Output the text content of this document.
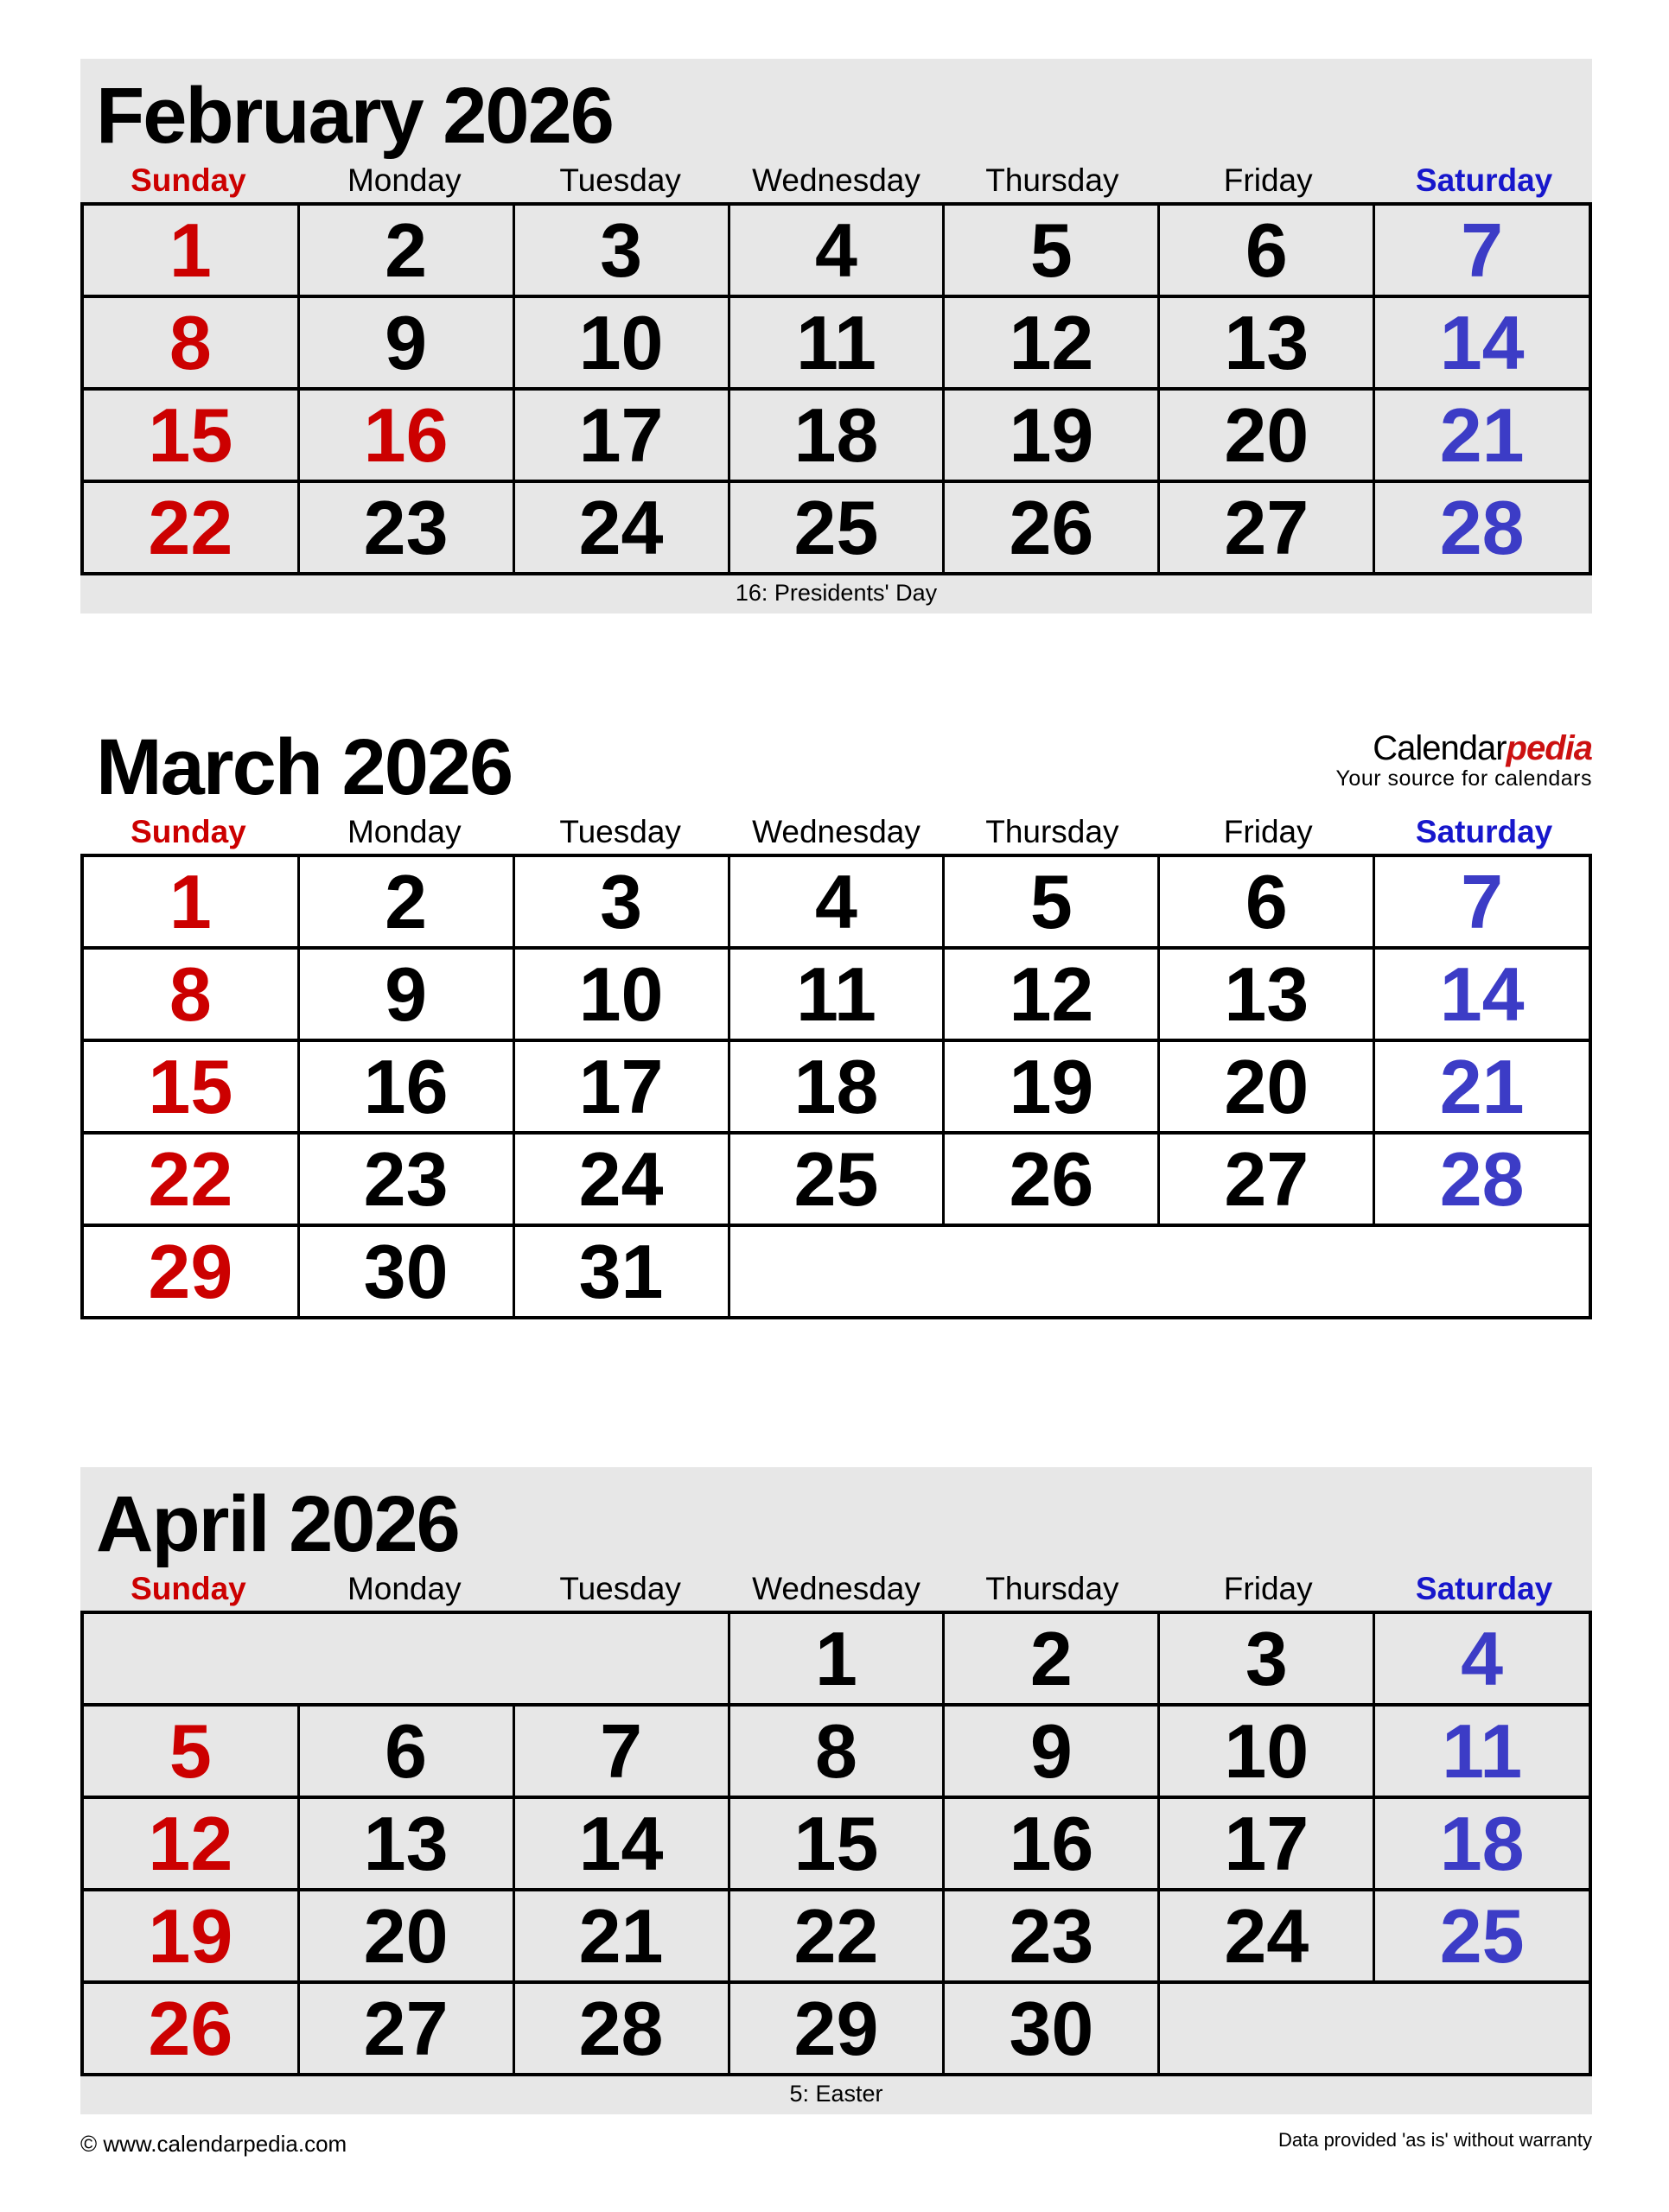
February 2026
Sunday	Monday	Tuesday	Wednesday	Thursday	Friday	Saturday
1	2	3	4	5	6	7
8	9	10	11	12	13	14
15	16	17	18	19	20	21
22	23	24	25	26	27	28
16: Presidents' Day
March 2026
Sunday	Monday	Tuesday	Wednesday	Thursday	Friday	Saturday
1	2	3	4	5	6	7
8	9	10	11	12	13	14
15	16	17	18	19	20	21
22	23	24	25	26	27	28
29	30	31				
Calendarpedia
Your source for calendars
April 2026
Sunday	Monday	Tuesday	Wednesday	Thursday	Friday	Saturday
			1	2	3	4
5	6	7	8	9	10	11
12	13	14	15	16	17	18
19	20	21	22	23	24	25
26	27	28	29	30		
5: Easter
© www.calendarpedia.com	Data provided 'as is' without warranty
